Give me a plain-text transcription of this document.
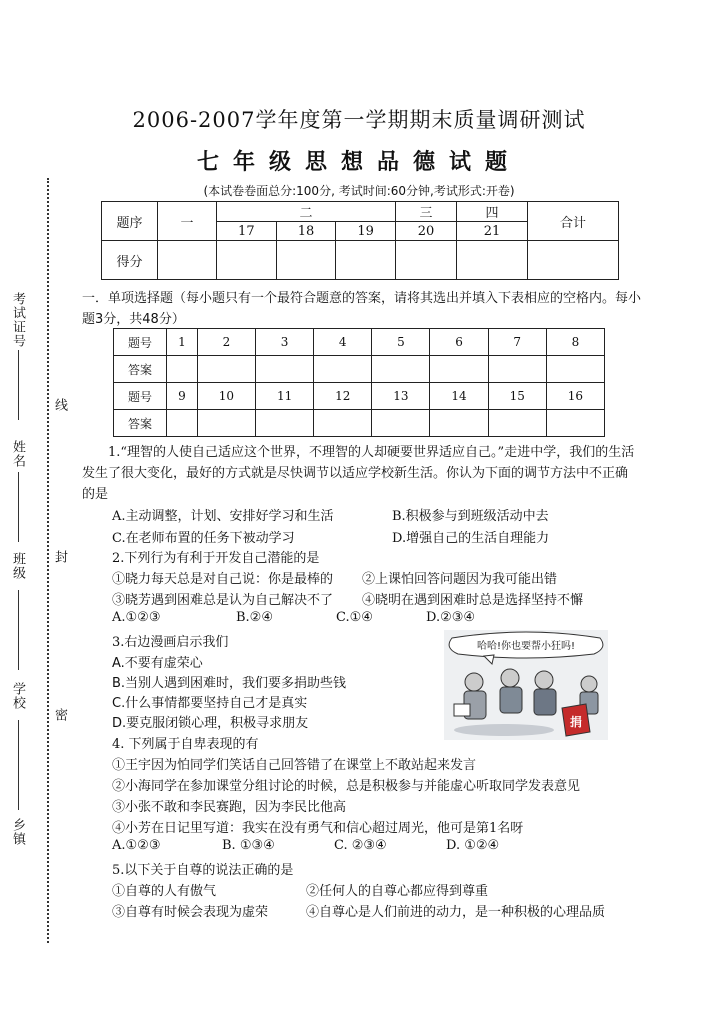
考试证号
姓名
班级
学校
乡镇
线
封
密
2006-2007学年度第一学期期末质量调研测试
七年级思想品德试题
(本试卷卷面总分:100分, 考试时间:60分钟,考试形式:开卷)
题序	一	二			三	四	合计
		17	18	19	20	21	
得分							
一．单项选择题（每小题只有一个最符合题意的答案，请将其选出并填入下表相应的空格内。每小题3分，共48分）
题号	1	2	3	4	5	6	7	8
答案								
题号	9	10	11	12	13	14	15	16
答案								
1.“理智的人使自己适应这个世界，不理智的人却硬要世界适应自己。”走进中学，我们的生活发生了很大变化，最好的方式就是尽快调节以适应学校新生活。你认为下面的调节方法中不正确的是
A.主动调整，计划、安排好学习和生活	B.积极参与到班级活动中去
C.在老师布置的任务下被动学习	D.增强自己的生活自理能力
2.下列行为有利于开发自己潜能的是
①晓力每天总是对自己说：你是最棒的 ②上课怕回答问题因为我可能出错
③晓芳遇到困难总是认为自己解决不了 ④晓明在遇到困难时总是选择坚持不懈
A.①②③	B.②④	C.①④	D.②③④
3.右边漫画启示我们
A.不要有虚荣心
B.当别人遇到困难时，我们要多捐助些钱
C.什么事情都要坚持自己才是真实
D.要克服闭锁心理，积极寻求朋友
哈哈!你也要帮小狂吗!
捐
4. 下列属于自卑表现的有
①王宇因为怕同学们笑话自己回答错了在课堂上不敢站起来发言
②小海同学在参加课堂分组讨论的时候，总是积极参与并能虚心听取同学发表意见
③小张不敢和李民赛跑，因为李民比他高
④小芳在日记里写道：我实在没有勇气和信心超过周光，他可是第1名呀
A.①②③	B. ①③④	C. ②③④	D. ①②④
5.以下关于自尊的说法正确的是
①自尊的人有傲气	②任何人的自尊心都应得到尊重
③自尊有时候会表现为虚荣	④自尊心是人们前进的动力，是一种积极的心理品质
